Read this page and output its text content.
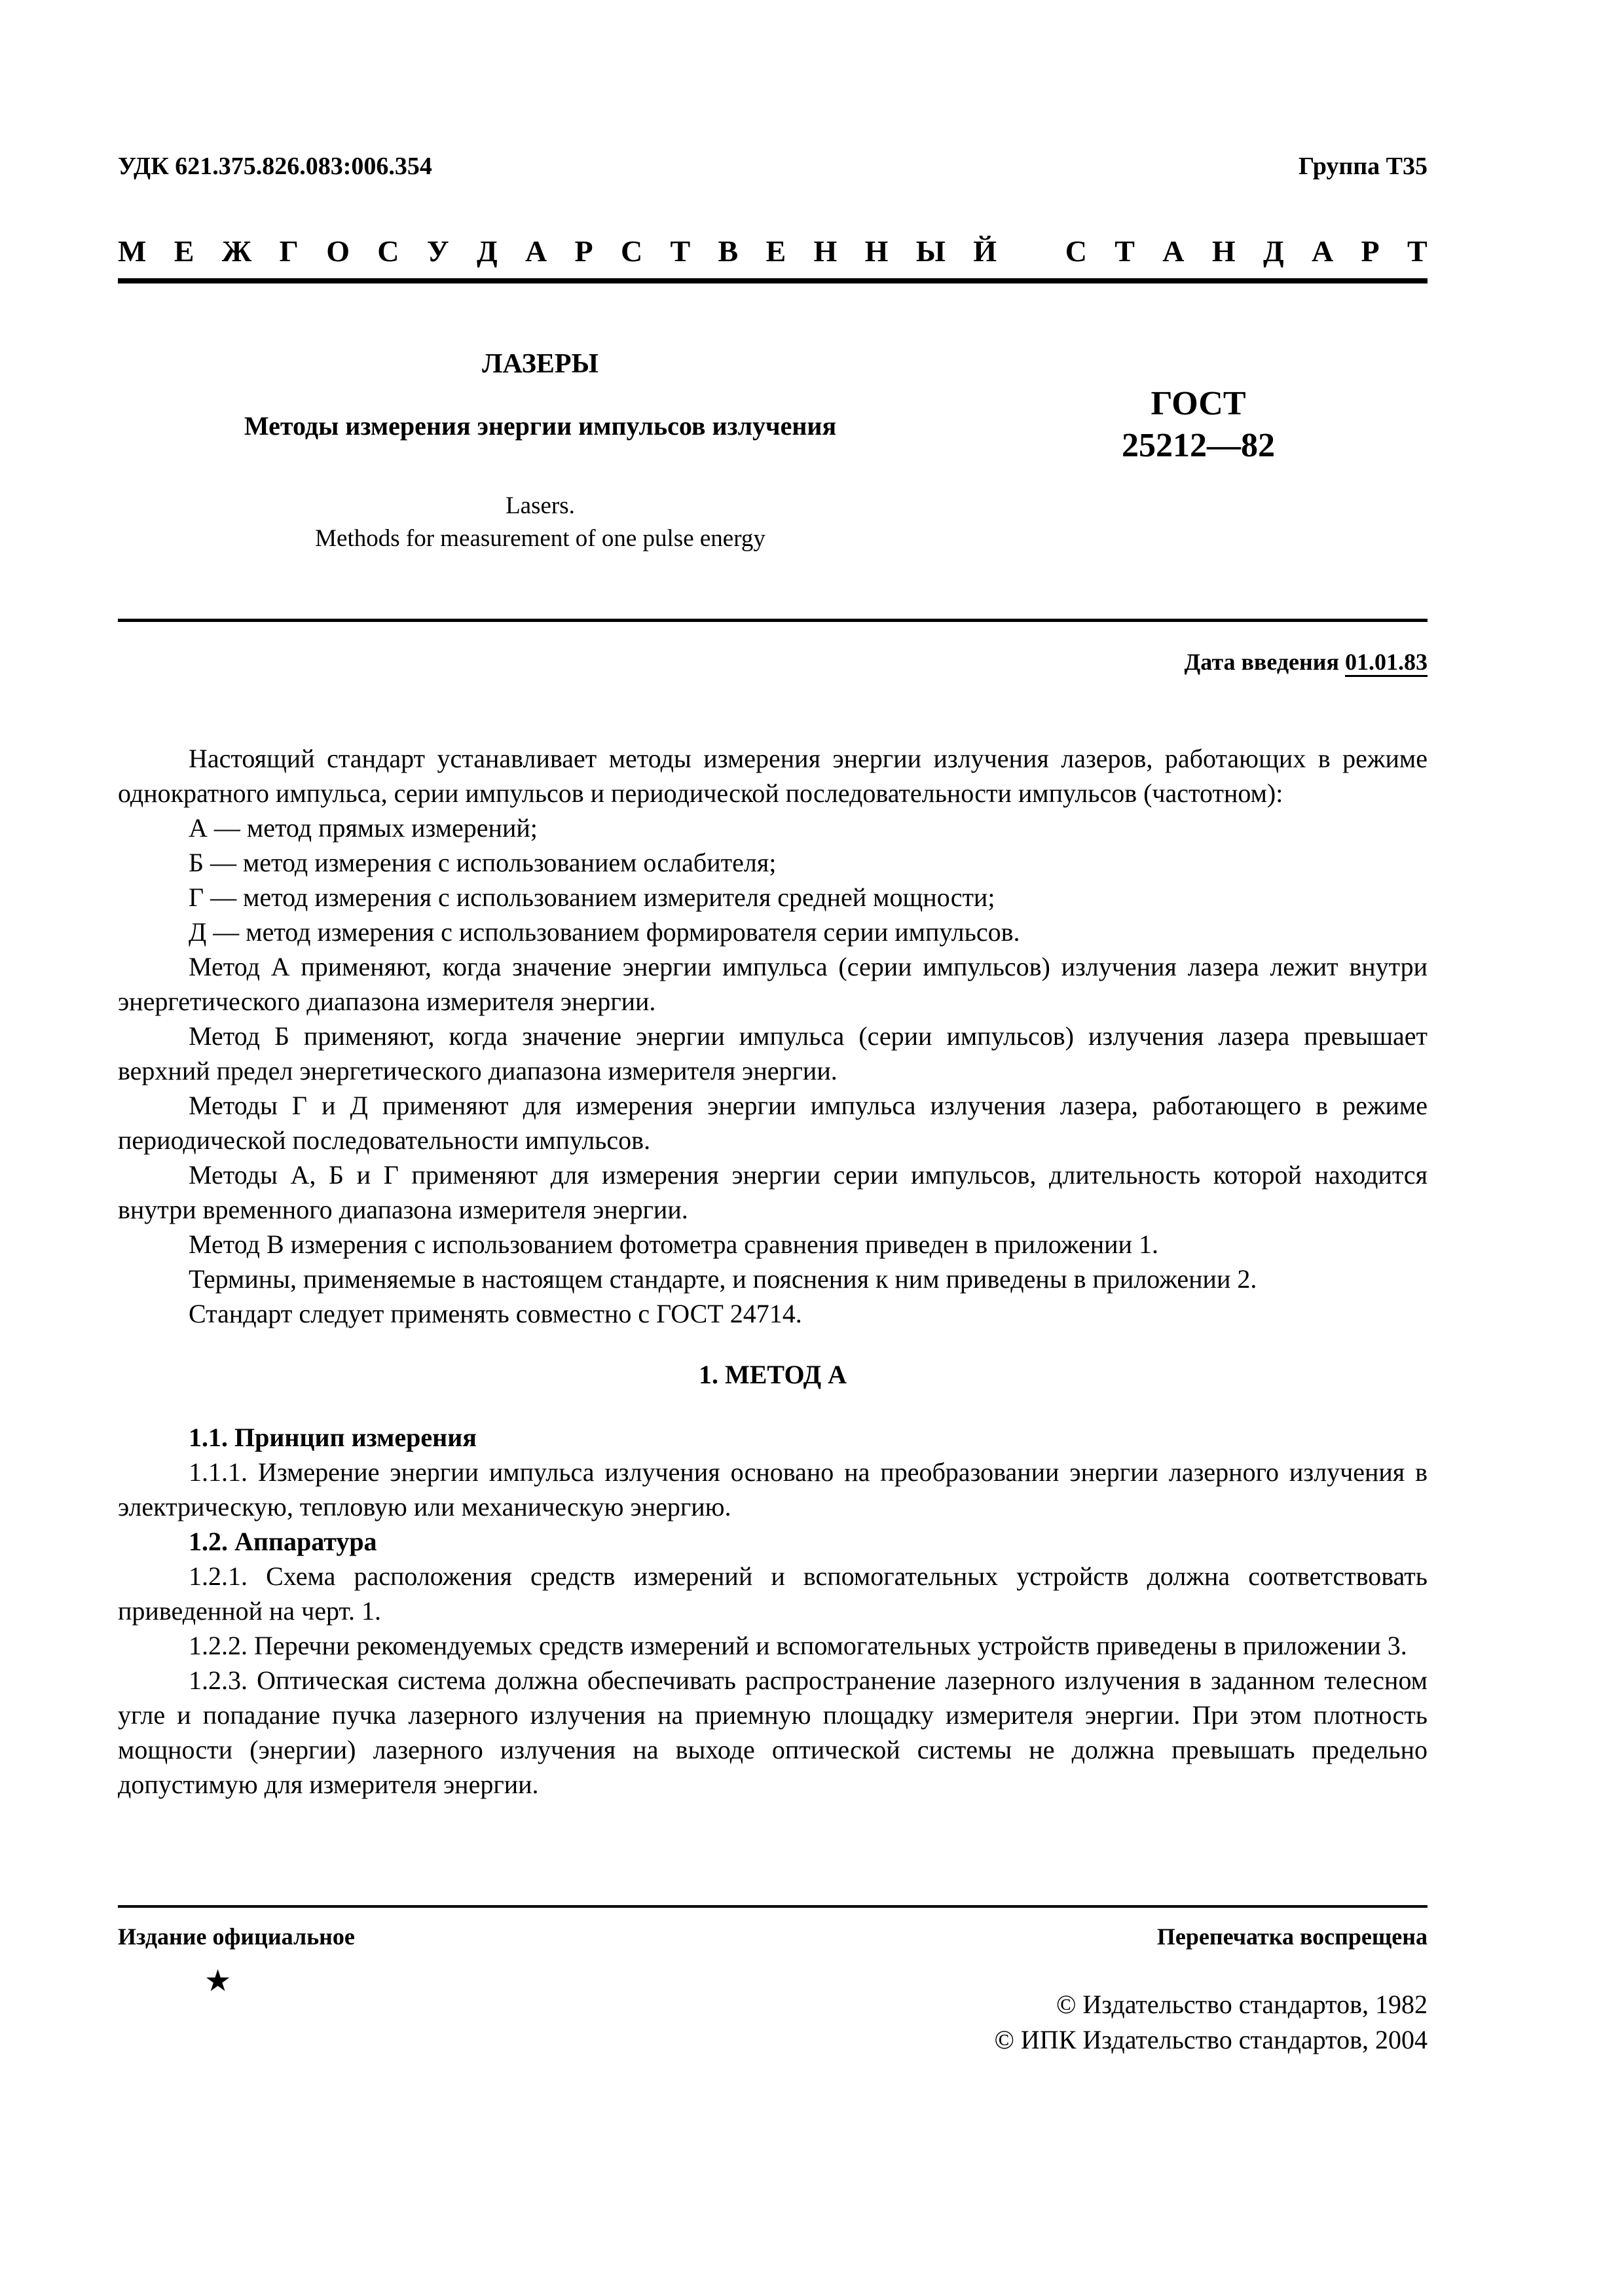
УДК 621.375.826.083:006.354	Группа Т35
М Е Ж Г О С У Д А Р С Т В Е Н Н Ы Й С Т А Н Д А Р Т

ЛАЗЕРЫ

Методы измерения энергии импульсов излучения

Lasers.
Methods for measurement of one pulse energy

ГОСТ
25212—82
Дата введения 01.01.83

Настоящий стандарт устанавливает методы измерения энергии излучения лазеров, работающих в режиме однократного импульса, серии импульсов и периодической последовательности импульсов (частотном):

А — метод прямых измерений;

Б — метод измерения с использованием ослабителя;

Г — метод измерения с использованием измерителя средней мощности;

Д — метод измерения с использованием формирователя серии импульсов.

Метод А применяют, когда значение энергии импульса (серии импульсов) излучения лазера лежит внутри энергетического диапазона измерителя энергии.

Метод Б применяют, когда значение энергии импульса (серии импульсов) излучения лазера превышает верхний предел энергетического диапазона измерителя энергии.

Методы Г и Д применяют для измерения энергии импульса излучения лазера, работающего в режиме периодической последовательности импульсов.

Методы А, Б и Г применяют для измерения энергии серии импульсов, длительность которой находится внутри временного диапазона измерителя энергии.

Метод В измерения с использованием фотометра сравнения приведен в приложении 1.

Термины, применяемые в настоящем стандарте, и пояснения к ним приведены в приложении 2.

Стандарт следует применять совместно с ГОСТ 24714.

1. МЕТОД А

1.1. Принцип измерения

1.1.1. Измерение энергии импульса излучения основано на преобразовании энергии лазерного излучения в электрическую, тепловую или механическую энергию.

1.2. Аппаратура

1.2.1. Схема расположения средств измерений и вспомогательных устройств должна соответствовать приведенной на черт. 1.

1.2.2. Перечни рекомендуемых средств измерений и вспомогательных устройств приведены в приложении 3.

1.2.3. Оптическая система должна обеспечивать распространение лазерного излучения в заданном телесном угле и попадание пучка лазерного излучения на приемную площадку измерителя энергии. При этом плотность мощности (энергии) лазерного излучения на выходе оптической системы не должна превышать предельно допустимую для измерителя энергии.

Издание официальное	Перепечатка воспрещена
★
© Издательство стандартов, 1982
© ИПК Издательство стандартов, 2004
